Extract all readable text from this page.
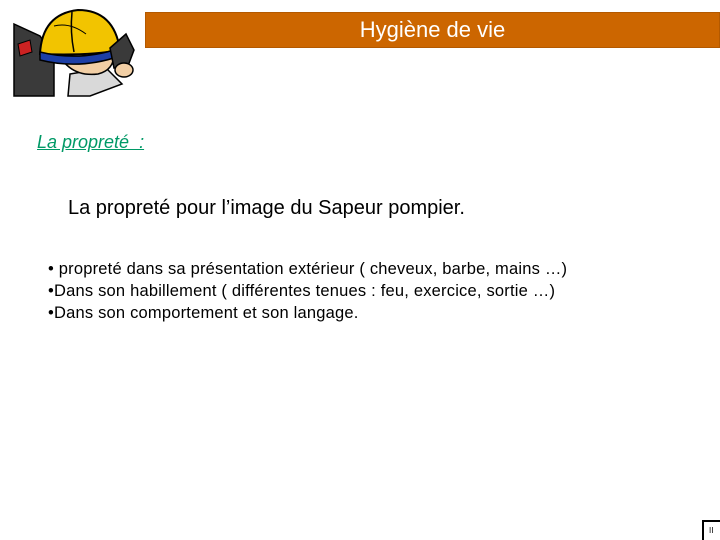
Hygiène de vie
La propreté  :
La propreté pour l’image du Sapeur pompier.
• propreté dans sa présentation extérieur ( cheveux, barbe, mains …)
•Dans son habillement ( différentes tenues : feu, exercice, sortie …)
•Dans son comportement et son langage.
II
